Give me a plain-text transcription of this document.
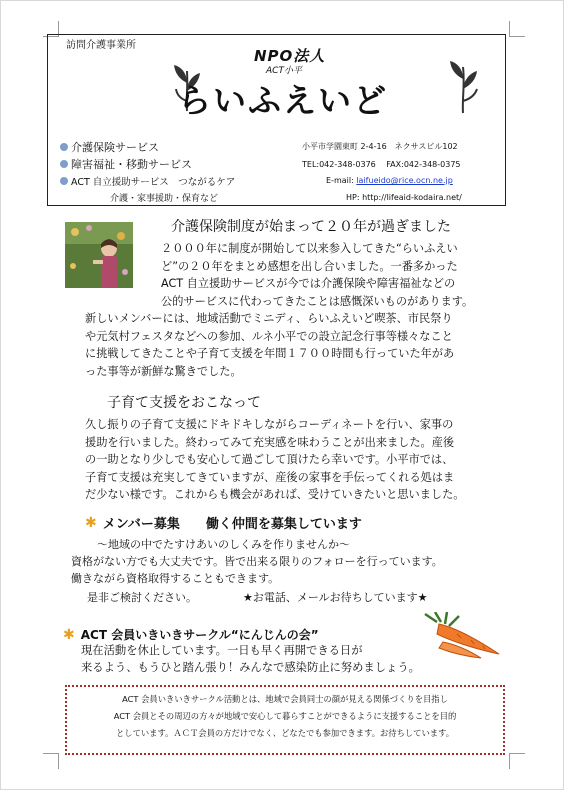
訪問介護事業所
NPO法人
ACT小平
らいふえいど
介護保険サービス
障害福祉・移動サービス
ACT 自立援助サービス　つながるケア
介護・家事援助・保育など
小平市学園東町 2-4-16　ネクサスビル102
TEL:042-348-0376　 FAX:042-348-0375
E-mail: laifueido@rice.ocn.ne.jp
HP: http://lifeaid-kodaira.net/
介護保険制度が始まって２０年が過ぎました
２０００年に制度が開始して以来参入してきた“らいふえい
ど”の２０年をまとめ感想を出し合いました。一番多かった
ACT 自立援助サービスが今では介護保険や障害福祉などの
公的サービスに代わってきたことは感慨深いものがあります。
新しいメンバーには、地域活動でミニディ、らいふえいど喫茶、市民祭り
や元気村フェスタなどへの参加、ルネ小平での設立記念行事等様々なこと
に挑戦してきたことや子育て支援を年間１７００時間も行っていた年があ
った事等が新鮮な驚きでした。
子育て支援をおこなって
久し振りの子育て支援にドキドキしながらコーディネートを行い、家事の
援助を行いました。終わってみて充実感を味わうことが出来ました。産後
の一助となり少しでも安心して過ごして頂けたら幸いです。小平市では、
子育て支援は充実してきていますが、産後の家事を手伝ってくれる処はま
だ少ない様です。これからも機会があれば、受けていきたいと思いました。
✱ メンバー募集　　働く仲間を募集しています
～地域の中でたすけあいのしくみを作りませんか～
資格がない方でも大丈夫です。皆で出来る限りのフォローを行っています。
働きながら資格取得することもできます。
是非ご検討ください。	★お電話、メールお待ちしています★
✱ ACT 会員いきいきサークル“にんじんの会”
現在活動を休止しています。一日も早く再開できる日が
来るよう、もうひと踏ん張り！みんなで感染防止に努めましょう。
ACT 会員いきいきサークル活動とは、地域で会員同士の顔が見える関係づくりを目指し
ACT 会員とその周辺の方々が地域で安心して暮らすことができるように支援することを目的
としています。ＡＣＴ会員の方だけでなく、どなたでも参加できます。お待ちしています。
